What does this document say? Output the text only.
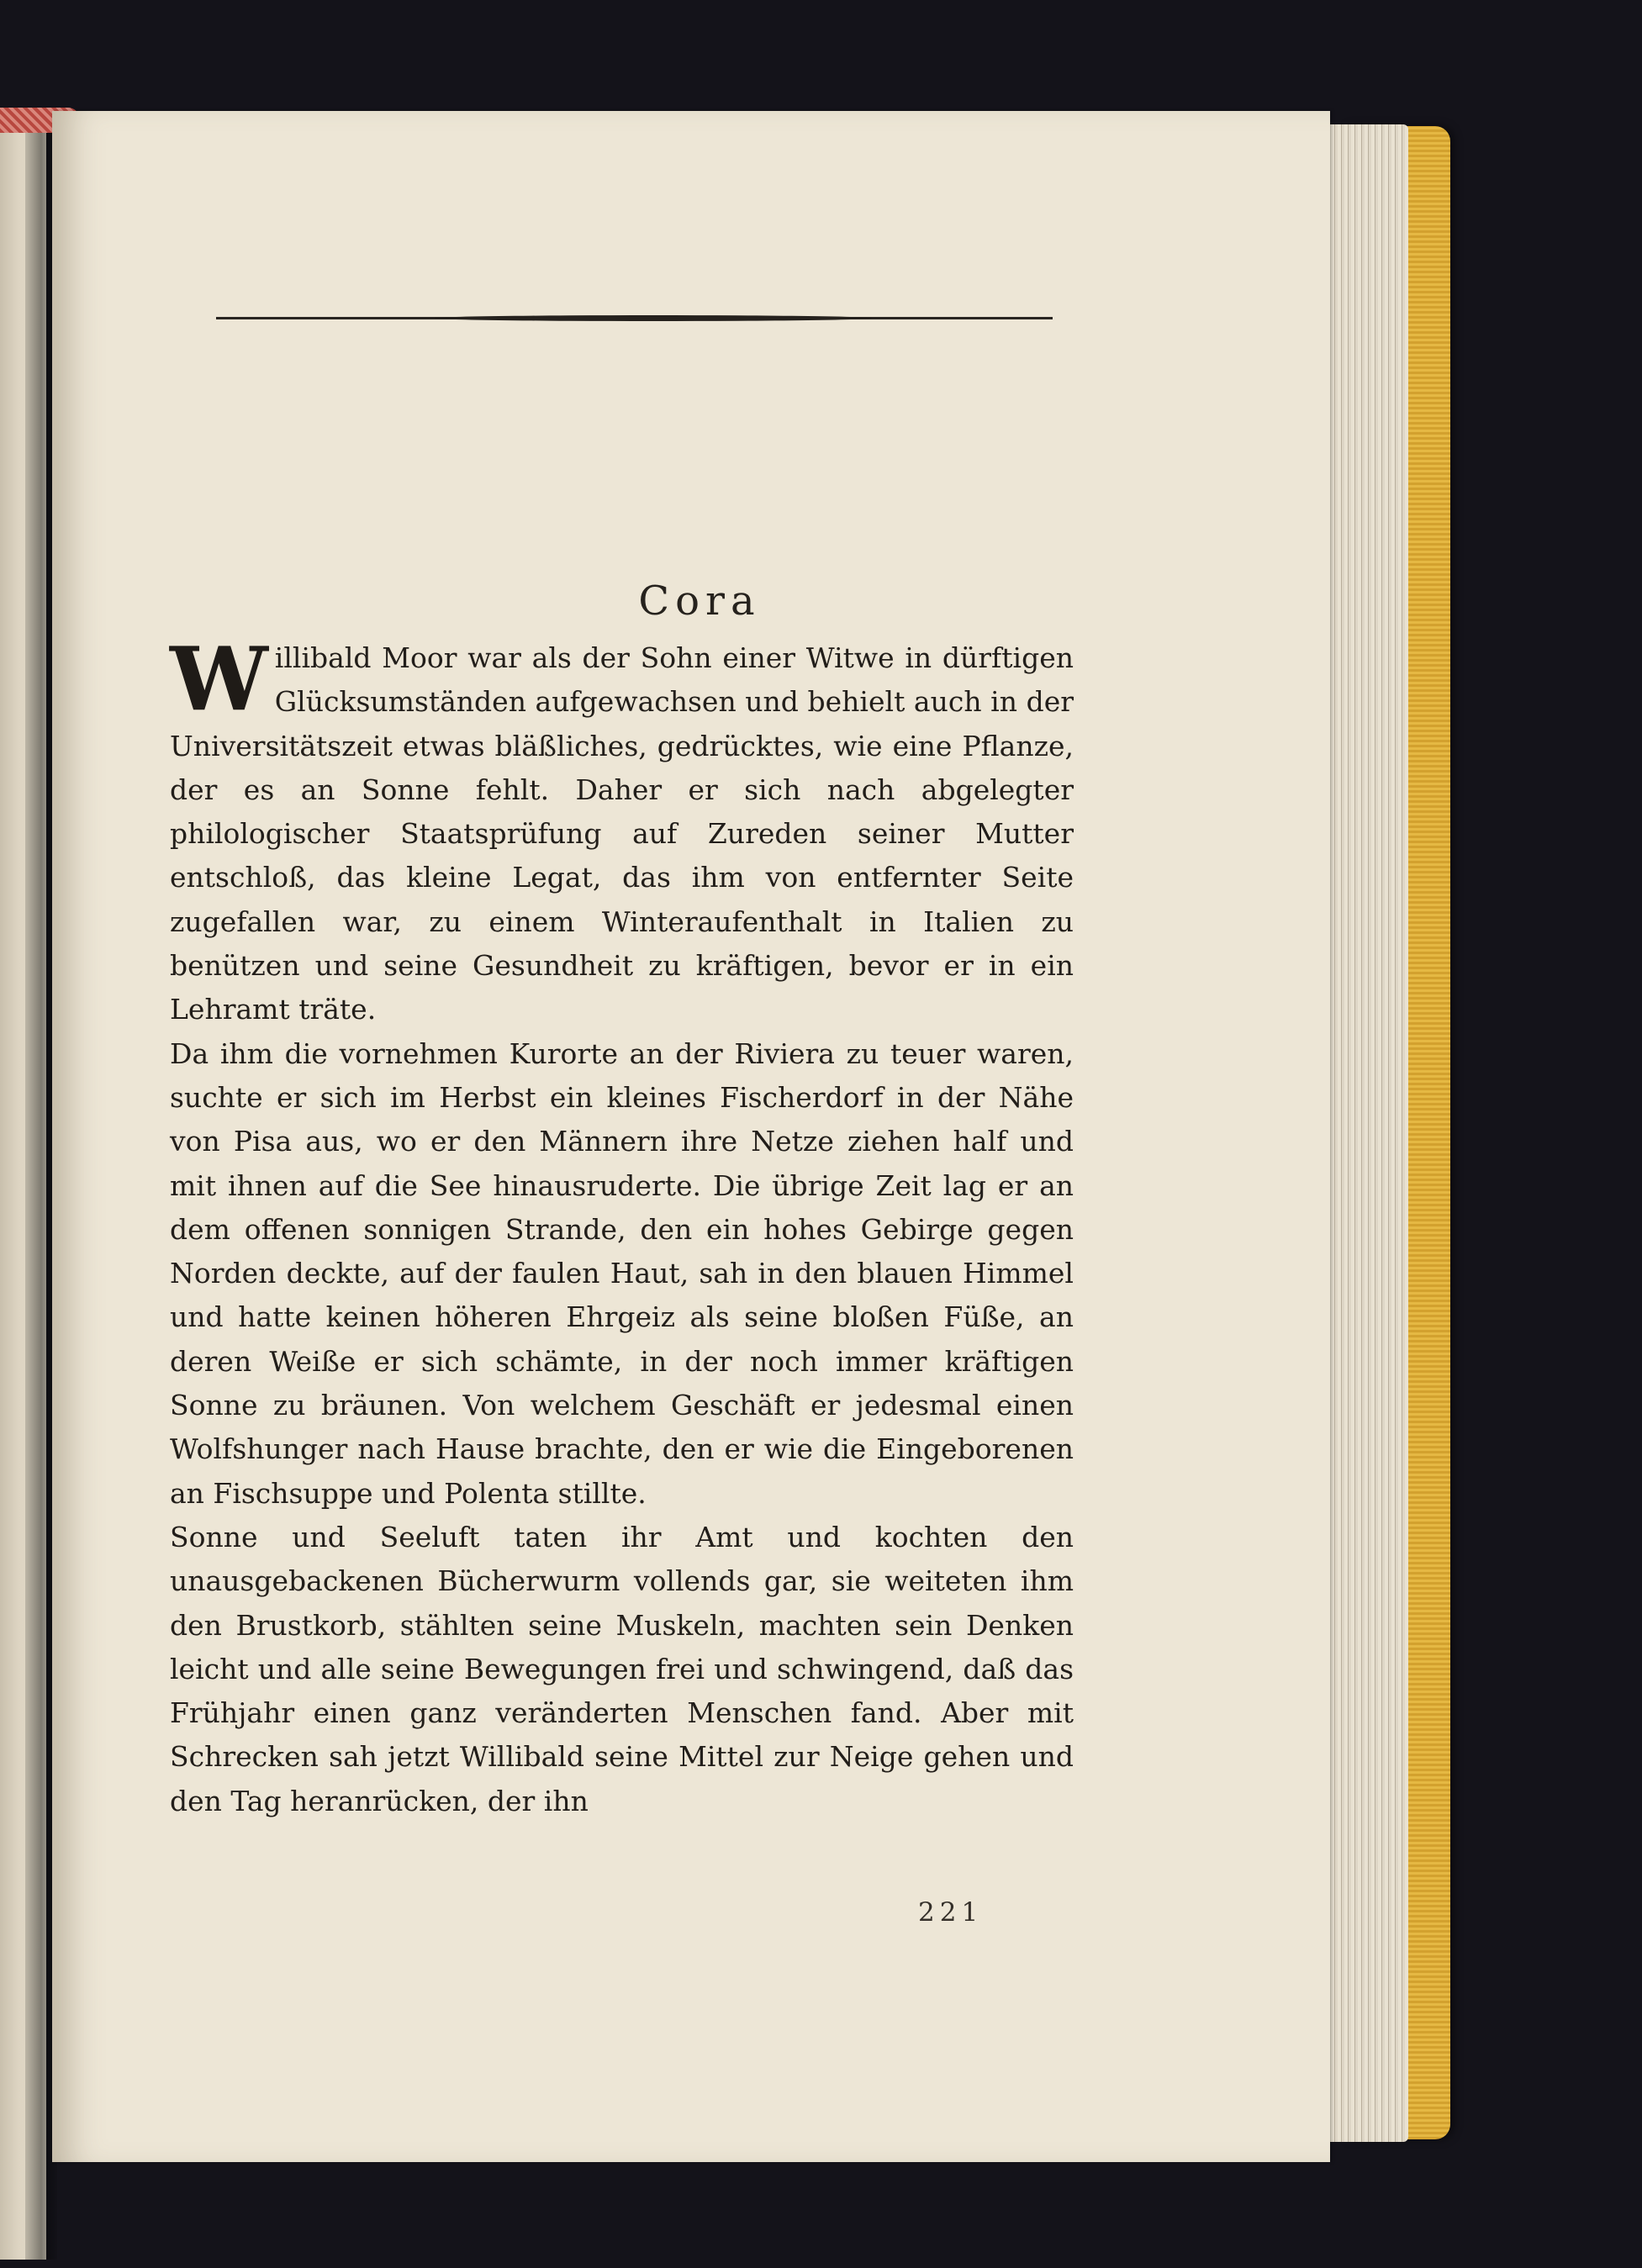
Cora

Willibald Moor war als der Sohn einer Witwe in dürftigen Glücksumständen aufgewachsen und behielt auch in der Universitätszeit etwas bläßliches, gedrücktes, wie eine Pflanze, der es an Sonne fehlt. Daher er sich nach abgelegter philologischer Staatsprüfung auf Zureden seiner Mutter entschloß, das kleine Legat, das ihm von entfernter Seite zugefallen war, zu einem Winteraufenthalt in Italien zu benützen und seine Gesundheit zu kräftigen, bevor er in ein Lehramt träte.

Da ihm die vornehmen Kurorte an der Riviera zu teuer waren, suchte er sich im Herbst ein kleines Fischerdorf in der Nähe von Pisa aus, wo er den Männern ihre Netze ziehen half und mit ihnen auf die See hinausruderte. Die übrige Zeit lag er an dem offenen sonnigen Strande, den ein hohes Gebirge gegen Norden deckte, auf der faulen Haut, sah in den blauen Himmel und hatte keinen höheren Ehrgeiz als seine bloßen Füße, an deren Weiße er sich schämte, in der noch immer kräftigen Sonne zu bräunen. Von welchem Geschäft er jedesmal einen Wolfshunger nach Hause brachte, den er wie die Eingeborenen an Fischsuppe und Polenta stillte.

Sonne und Seeluft taten ihr Amt und kochten den unausgebackenen Bücherwurm vollends gar, sie weiteten ihm den Brustkorb, stählten seine Muskeln, machten sein Denken leicht und alle seine Bewegungen frei und schwingend, daß das Frühjahr einen ganz veränderten Menschen fand. Aber mit Schrecken sah jetzt Willibald seine Mittel zur Neige gehen und den Tag heranrücken, der ihn

221
